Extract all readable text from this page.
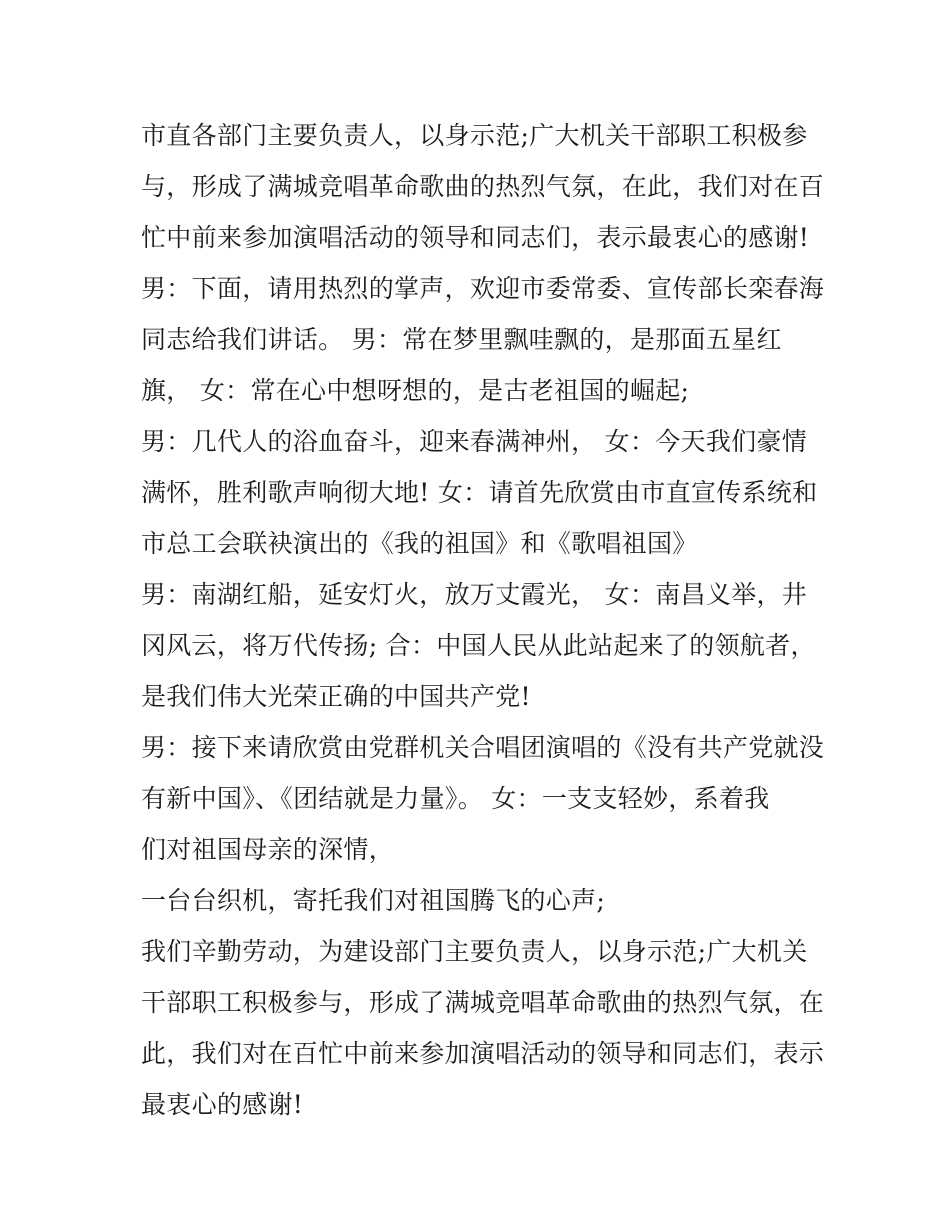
市直各部门主要负责人，以身示范;广大机关干部职工积极参
与，形成了满城竞唱革命歌曲的热烈气氛，在此，我们对在百
忙中前来参加演唱活动的领导和同志们，表示最衷心的感谢!
男：下面，请用热烈的掌声，欢迎市委常委、宣传部长栾春海
同志给我们讲话。 男：常在梦里飘哇飘的，是那面五星红
旗， 女：常在心中想呀想的，是古老祖国的崛起;
男：几代人的浴血奋斗，迎来春满神州， 女：今天我们豪情
满怀，胜利歌声响彻大地! 女：请首先欣赏由市直宣传系统和
市总工会联袂演出的《我的祖国》和《歌唱祖国》
男：南湖红船，延安灯火，放万丈霞光， 女：南昌义举，井
冈风云，将万代传扬; 合：中国人民从此站起来了的领航者，
是我们伟大光荣正确的中国共产党!
男：接下来请欣赏由党群机关合唱团演唱的《没有共产党就没
有新中国》、《团结就是力量》。 女：一支支轻妙，系着我
们对祖国母亲的深情，
一台台织机，寄托我们对祖国腾飞的心声;
我们辛勤劳动，为建设部门主要负责人，以身示范;广大机关
干部职工积极参与，形成了满城竞唱革命歌曲的热烈气氛，在
此，我们对在百忙中前来参加演唱活动的领导和同志们，表示
最衷心的感谢!
